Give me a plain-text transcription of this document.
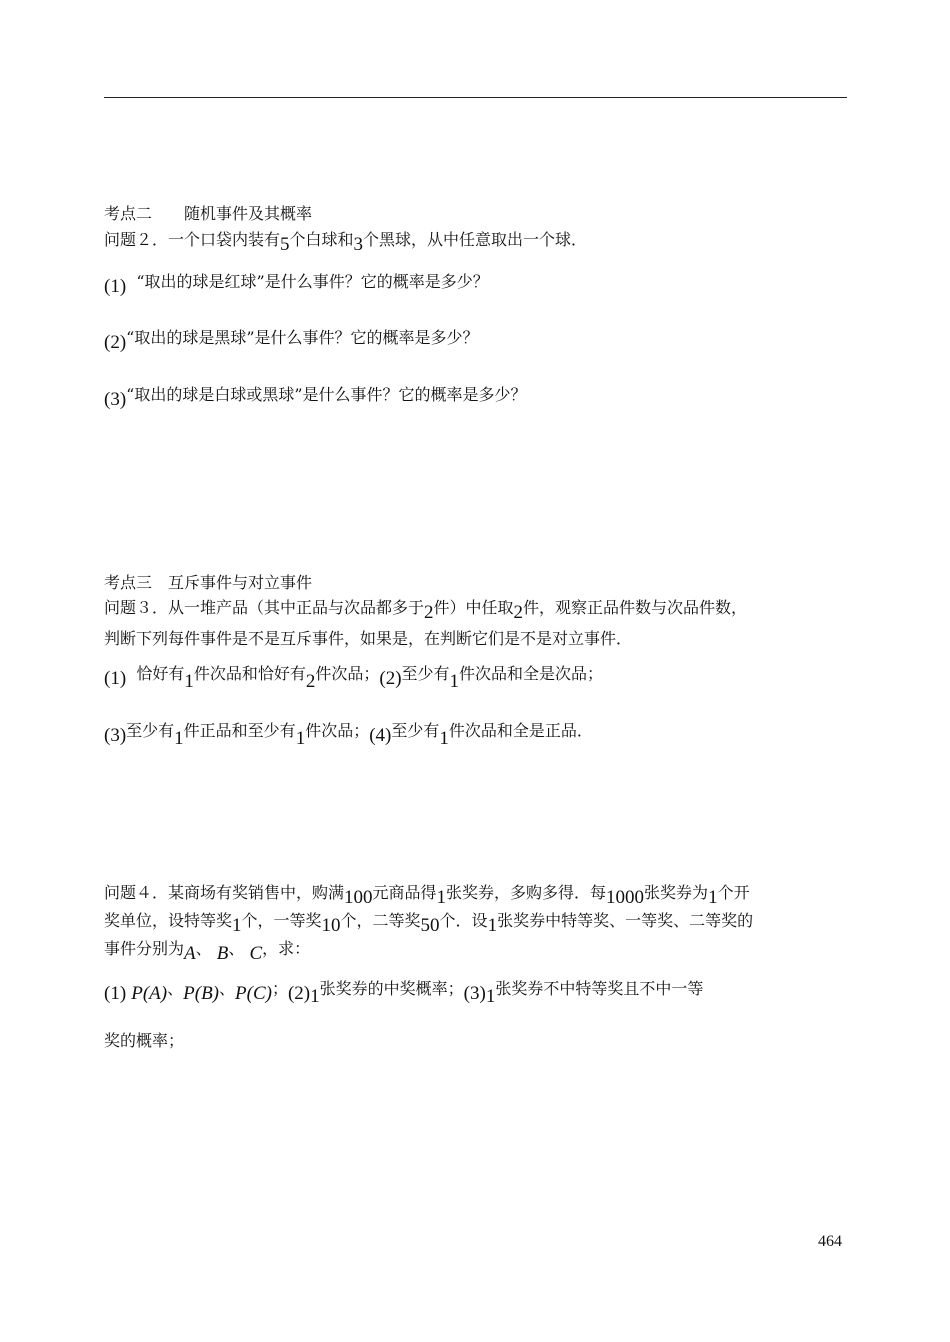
考点二　　随机事件及其概率
问题２．一个口袋内装有5个白球和3个黑球，从中任意取出一个球．
(1) “取出的球是红球”是什么事件？它的概率是多少？
(2)“取出的球是黑球”是什么事件？它的概率是多少？
(3)“取出的球是白球或黑球”是什么事件？它的概率是多少？
考点三　互斥事件与对立事件
问题３．从一堆产品（其中正品与次品都多于2件）中任取2件，观察正品件数与次品件数，
判断下列每件事件是不是互斥事件，如果是，在判断它们是不是对立事件．
(1) 恰好有1件次品和恰好有2件次品；(2)至少有1件次品和全是次品；
(3)至少有1件正品和至少有1件次品；(4)至少有1件次品和全是正品．
问题４．某商场有奖销售中，购满100元商品得1张奖券，多购多得．每1000张奖券为1个开
奖单位，设特等奖1个，一等奖10个，二等奖50个．设1张奖券中特等奖、一等奖、二等奖的
事件分别为A、 B、 C，求：
(1) P(A)、P(B)、P(C)；(2)1张奖券的中奖概率；(3)1张奖券不中特等奖且不中一等
奖的概率；
464
